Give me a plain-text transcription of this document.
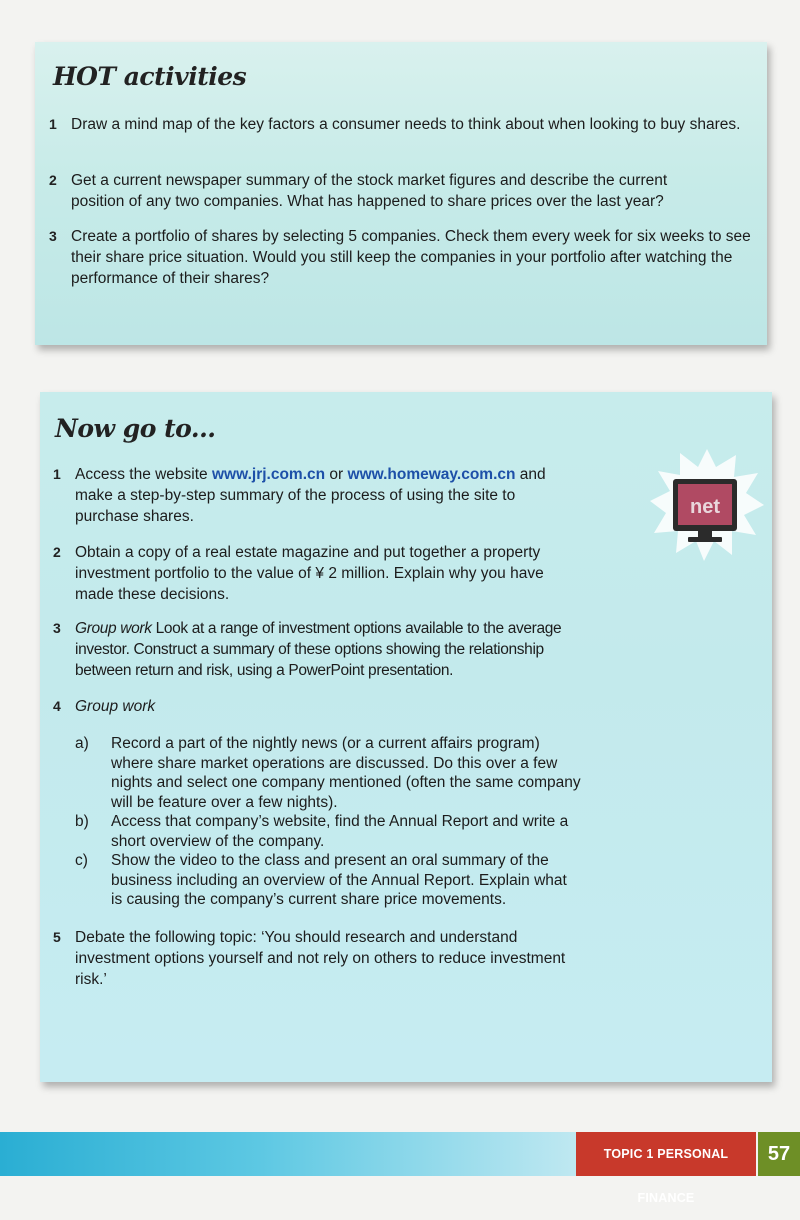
HOT activities
1 Draw a mind map of the key factors a consumer needs to think about when looking to buy shares.
2 Get a current newspaper summary of the stock market figures and describe the current position of any two companies. What has happened to share prices over the last year?
3 Create a portfolio of shares by selecting 5 companies. Check them every week for six weeks to see their share price situation. Would you still keep the companies in your portfolio after watching the performance of their shares?
Now go to...
net
1 Access the website www.jrj.com.cn or www.homeway.com.cn and make a step-by-step summary of the process of using the site to purchase shares.
2 Obtain a copy of a real estate magazine and put together a property investment portfolio to the value of ¥ 2 million. Explain why you have made these decisions.
3 Group work Look at a range of investment options available to the average investor. Construct a summary of these options showing the relationship between return and risk, using a PowerPoint presentation.
4 Group work
a) Record a part of the nightly news (or a current affairs program) where share market operations are discussed. Do this over a few nights and select one company mentioned (often the same company will be feature over a few nights).
b) Access that company’s website, find the Annual Report and write a short overview of the company.
c) Show the video to the class and present an oral summary of the business including an overview of the Annual Report. Explain what is causing the company’s current share price movements.
5 Debate the following topic: ‘You should research and understand investment options yourself and not rely on others to reduce investment risk.’
TOPIC 1 PERSONAL FINANCE
57
